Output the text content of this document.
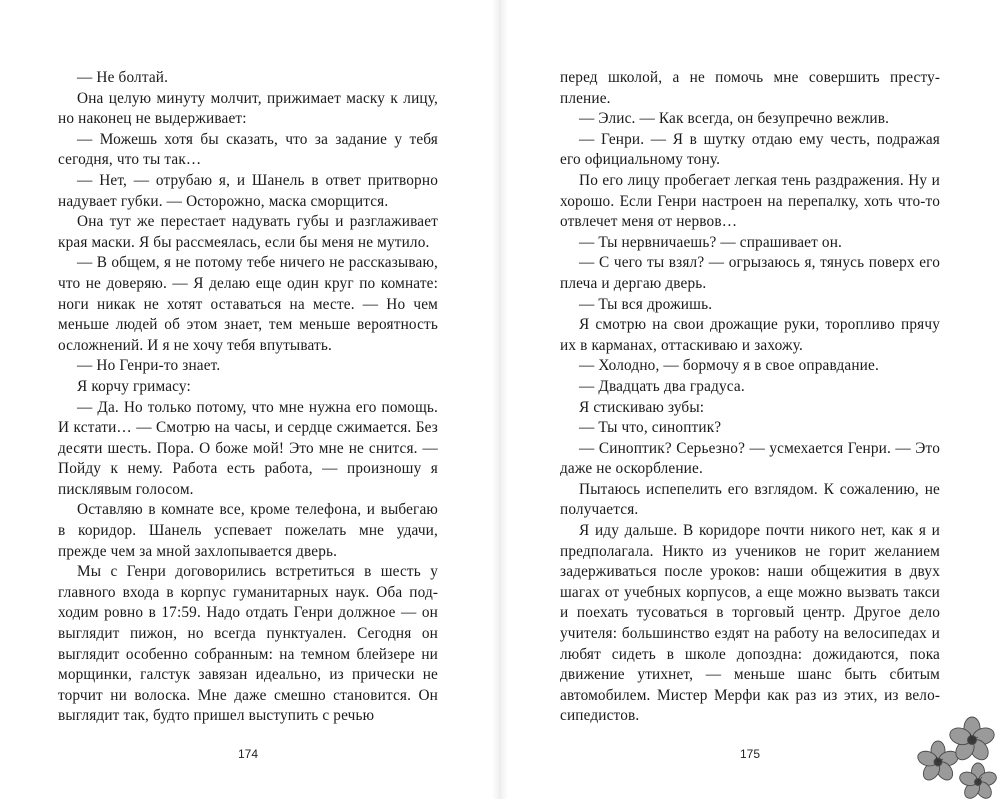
— Не болтай.

Она целую минуту молчит, прижимает маску к лицу, но наконец не выдерживает:

— Можешь хотя бы сказать, что за задание у тебя сегодня, что ты так…

— Нет, — отрубаю я, и Шанель в ответ притворно надувает губки. — Осторожно, маска сморщится.

Она тут же перестает надувать губы и разглаживает края маски. Я бы рассмеялась, если бы меня не мутило.

— В общем, я не потому тебе ничего не рассказываю, что не доверяю. — Я делаю еще один круг по комнате: ноги никак не хотят оставаться на месте. — Но чем меньше людей об этом знает, тем меньше вероятность осложнений. И я не хочу тебя впутывать.

— Но Генри-то знает.

Я корчу гримасу:

— Да. Но только потому, что мне нужна его помощь. И кстати… — Смотрю на часы, и сердце сжимается. Без десяти шесть. Пора. О боже мой! Это мне не снится. — Пойду к нему. Работа есть работа, — произношу я писклявым голосом.

Оставляю в комнате все, кроме телефона, и выбегаю в коридор. Шанель успевает пожелать мне удачи, прежде чем за мной захлопывается дверь.

Мы с Генри договорились встретиться в шесть у главного входа в корпус гуманитарных наук. Оба подходим ровно в 17:59. Надо отдать Генри должное — он выглядит пижон, но всегда пунктуален. Сегодня он выглядит особенно собранным: на темном блейзере ни морщинки, галстук завязан идеально, из прически не торчит ни волоска. Мне даже смешно становится. Он выглядит так, будто пришел выступить с речью

174

перед школой, а не помочь мне совершить преступление.

— Элис. — Как всегда, он безупречно вежлив.

— Генри. — Я в шутку отдаю ему честь, подражая его официальному тону.

По его лицу пробегает легкая тень раздражения. Ну и хорошо. Если Генри настроен на перепалку, хоть что-то отвлечет меня от нервов…

— Ты нервничаешь? — спрашивает он.

— С чего ты взял? — огрызаюсь я, тянусь поверх его плеча и дергаю дверь.

— Ты вся дрожишь.

Я смотрю на свои дрожащие руки, торопливо прячу их в карманах, оттаскиваю и захожу.

— Холодно, — бормочу я в свое оправдание.

— Двадцать два градуса.

Я стискиваю зубы:

— Ты что, синоптик?

— Синоптик? Серьезно? — усмехается Генри. — Это даже не оскорбление.

Пытаюсь испепелить его взглядом. К сожалению, не получается.

Я иду дальше. В коридоре почти никого нет, как я и предполагала. Никто из учеников не горит желанием задерживаться после уроков: наши общежития в двух шагах от учебных корпусов, а еще можно вызвать такси и поехать тусоваться в торговый центр. Другое дело учителя: большинство ездят на работу на велосипедах и любят сидеть в школе допоздна: дожидаются, пока движение утихнет, — меньше шанс быть сбитым автомобилем. Мистер Мерфи как раз из этих, из велосипедистов.

175
